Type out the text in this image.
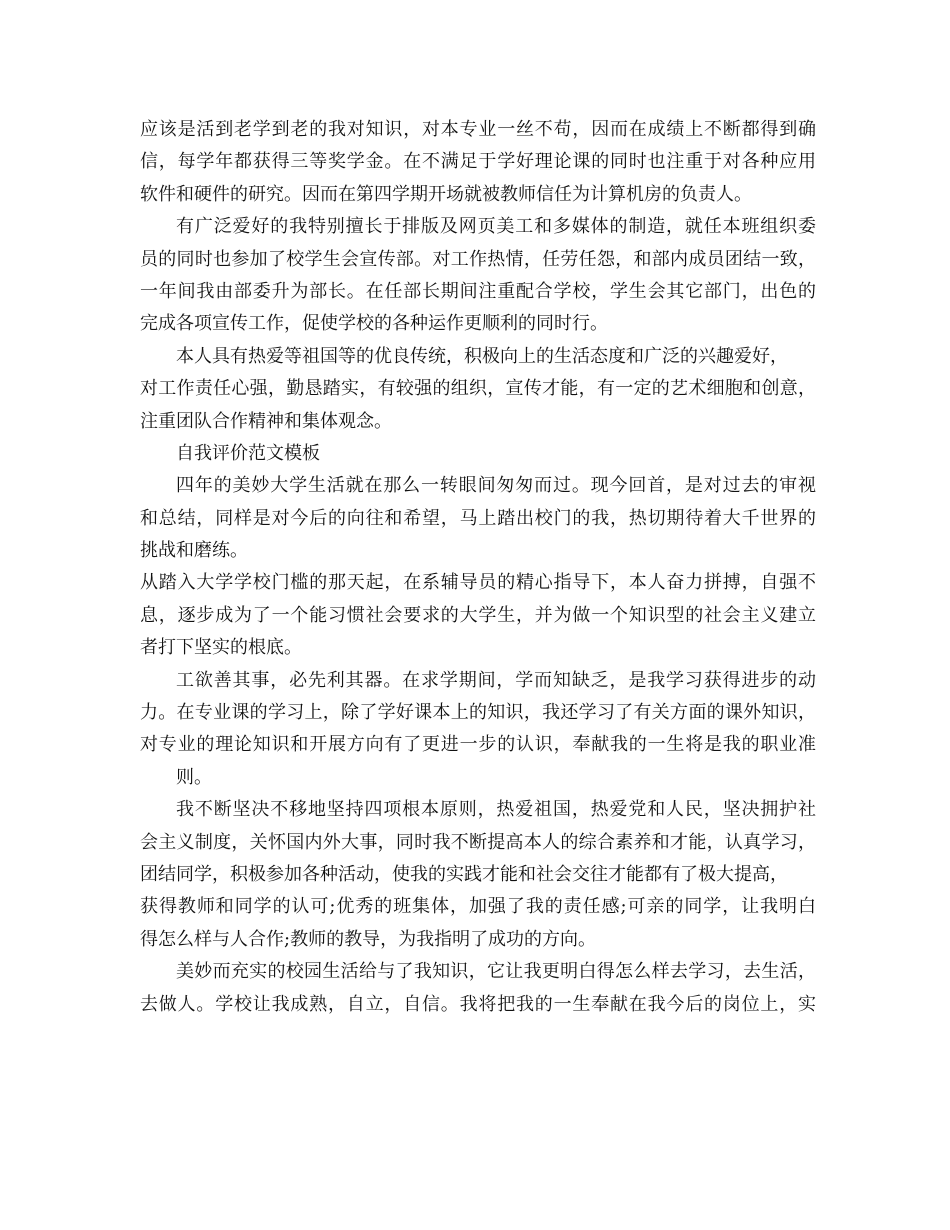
应该是活到老学到老的我对知识，对本专业一丝不苟，因而在成绩上不断都得到确
信，每学年都获得三等奖学金。在不满足于学好理论课的同时也注重于对各种应用
软件和硬件的研究。因而在第四学期开场就被教师信任为计算机房的负责人。
有广泛爱好的我特别擅长于排版及网页美工和多媒体的制造，就任本班组织委
员的同时也参加了校学生会宣传部。对工作热情，任劳任怨，和部内成员团结一致，
一年间我由部委升为部长。在任部长期间注重配合学校，学生会其它部门，出色的
完成各项宣传工作，促使学校的各种运作更顺利的同时行。
本人具有热爱等祖国等的优良传统，积极向上的生活态度和广泛的兴趣爱好，
对工作责任心强，勤恳踏实，有较强的组织，宣传才能，有一定的艺术细胞和创意，
注重团队合作精神和集体观念。
自我评价范文模板
四年的美妙大学生活就在那么一转眼间匆匆而过。现今回首，是对过去的审视
和总结，同样是对今后的向往和希望，马上踏出校门的我，热切期待着大千世界的
挑战和磨练。
从踏入大学学校门槛的那天起，在系辅导员的精心指导下，本人奋力拼搏，自强不
息，逐步成为了一个能习惯社会要求的大学生，并为做一个知识型的社会主义建立
者打下坚实的根底。
工欲善其事，必先利其器。在求学期间，学而知缺乏，是我学习获得进步的动
力。在专业课的学习上，除了学好课本上的知识，我还学习了有关方面的课外知识，
对专业的理论知识和开展方向有了更进一步的认识，奉献我的一生将是我的职业准
则。
我不断坚决不移地坚持四项根本原则，热爱祖国，热爱党和人民，坚决拥护社
会主义制度，关怀国内外大事，同时我不断提高本人的综合素养和才能，认真学习，
团结同学，积极参加各种活动，使我的实践才能和社会交往才能都有了极大提高，
获得教师和同学的认可;优秀的班集体，加强了我的责任感;可亲的同学，让我明白
得怎么样与人合作;教师的教导，为我指明了成功的方向。
美妙而充实的校园生活给与了我知识，它让我更明白得怎么样去学习，去生活，
去做人。学校让我成熟，自立，自信。我将把我的一生奉献在我今后的岗位上，实
